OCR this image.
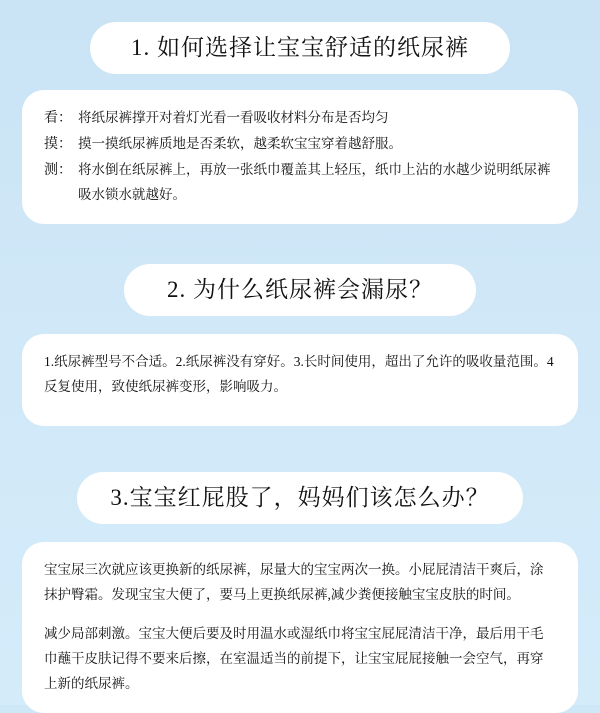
1. 如何选择让宝宝舒适的纸尿裤
看： 将纸尿裤撑开对着灯光看一看吸收材料分布是否均匀
摸： 摸一摸纸尿裤质地是否柔软，越柔软宝宝穿着越舒服。
测： 将水倒在纸尿裤上，再放一张纸巾覆盖其上轻压，纸巾上沾的水越少说明纸尿裤吸水锁水就越好。
2. 为什么纸尿裤会漏尿？

1.纸尿裤型号不合适。2.纸尿裤没有穿好。3.长时间使用，超出了允许的吸收量范围。4反复使用，致使纸尿裤变形，影响吸力。

3.宝宝红屁股了，妈妈们该怎么办？

宝宝尿三次就应该更换新的纸尿裤，尿量大的宝宝两次一换。小屁屁清洁干爽后，涂抹护臀霜。发现宝宝大便了，要马上更换纸尿裤,减少粪便接触宝宝皮肤的时间。

减少局部刺激。宝宝大便后要及时用温水或湿纸巾将宝宝屁屁清洁干净，最后用干毛巾蘸干皮肤记得不要来后擦，在室温适当的前提下，让宝宝屁屁接触一会空气，再穿上新的纸尿裤。
